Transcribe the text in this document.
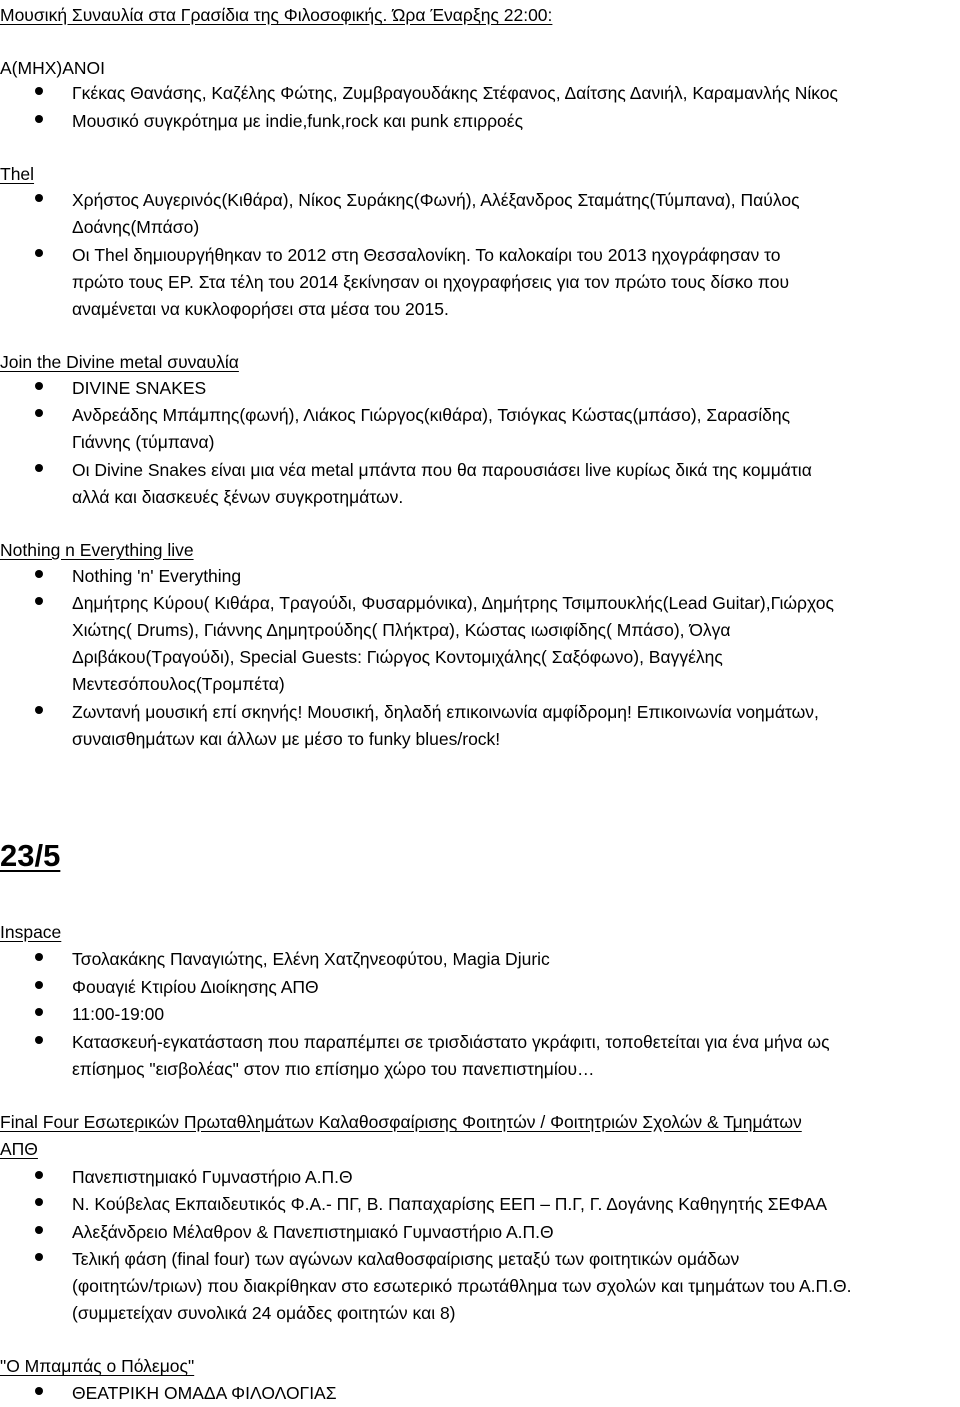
Μουσική Συναυλία στα Γρασίδια της Φιλοσοφικής. Ώρα Έναρξης 22:00:
Α(ΜΗΧ)ΑΝΟΙ
Γκέκας Θανάσης, Καζέλης Φώτης, Ζυμβραγουδάκης Στέφανος, Δαίτσης Δανιήλ, Καραμανλής Νίκος
Μουσικό συγκρότημα με indie,funk,rock και punk επιρροές
Thel
Χρήστος Αυγερινός(Κιθάρα), Νίκος Συράκης(Φωνή), Αλέξανδρος Σταμάτης(Τύμπανα), Παύλος
Δοάνης(Μπάσο)
Οι Thel δημιουργήθηκαν το 2012 στη Θεσσαλονίκη. Το καλοκαίρι του 2013 ηχογράφησαν το
πρώτο τους EP. Στα τέλη του 2014 ξεκίνησαν οι ηχογραφήσεις για τον πρώτο τους δίσκο που
αναμένεται να κυκλοφορήσει στα μέσα του 2015.
Join the Divine metal συναυλία
DIVINE SNAKES
Ανδρεάδης Μπάμπης(φωνή), Λιάκος Γιώργος(κιθάρα), Τσιόγκας Κώστας(μπάσο), Σαρασίδης
Γιάννης (τύμπανα)
Οι Divine Snakes είναι μια νέα metal μπάντα που θα παρουσιάσει live κυρίως δικά της κομμάτια
αλλά και διασκευές ξένων συγκροτημάτων.
Nothing n Everything live
Nothing 'n' Everything
Δημήτρης Κύρου( Κιθάρα, Τραγούδι, Φυσαρμόνικα), Δημήτρης Τσιμπουκλής(Lead Guitar),Γιώρχος
Χιώτης( Drums), Γιάννης Δημητρούδης( Πλήκτρα), Κώστας ιωσιφίδης( Μπάσο), Όλγα
Δριβάκου(Τραγούδι), Special Guests: Γιώργος Κοντομιχάλης( Σαξόφωνο), Βαγγέλης
Μεντεσόπουλος(Τρομπέτα)
Ζωντανή μουσική επί σκηνής! Μουσική, δηλαδή επικοινωνία αμφίδρομη! Επικοινωνία νοημάτων,
συναισθημάτων και άλλων με μέσο το funky blues/rock!
23/5
Inspace
Τσολακάκης Παναγιώτης, Ελένη Χατζηνεοφύτου, Magia Djuric
Φουαγιέ Κτιρίου Διοίκησης ΑΠΘ
11:00-19:00
Κατασκευή-εγκατάσταση που παραπέμπει σε τρισδιάστατο γκράφιτι, τοποθετείται για ένα μήνα ως
επίσημος "εισβολέας" στον πιο επίσημο χώρο του πανεπιστημίου…
Final Four Εσωτερικών Πρωταθλημάτων Καλαθοσφαίρισης Φοιτητών / Φοιτητριών Σχολών & Τμημάτων
ΑΠΘ
Πανεπιστημιακό Γυμναστήριο Α.Π.Θ
Ν. Κούβελας Εκπαιδευτικός Φ.Α.- ΠΓ, Β. Παπαχαρίσης ΕΕΠ – Π.Γ, Γ. Δογάνης Καθηγητής ΣΕΦΑΑ
Αλεξάνδρειο Μέλαθρον & Πανεπιστημιακό Γυμναστήριο Α.Π.Θ
Τελική φάση (final four) των αγώνων καλαθοσφαίρισης μεταξύ των φοιτητικών ομάδων
(φοιτητών/τριων) που διακρίθηκαν στο εσωτερικό πρωτάθλημα των σχολών και τμημάτων του Α.Π.Θ.
(συμμετείχαν συνολικά 24 ομάδες φοιτητών και 8)
"Ο Μπαμπάς ο Πόλεμος"
ΘΕΑΤΡΙΚΗ ΟΜΑΔΑ ΦΙΛΟΛΟΓΙΑΣ
